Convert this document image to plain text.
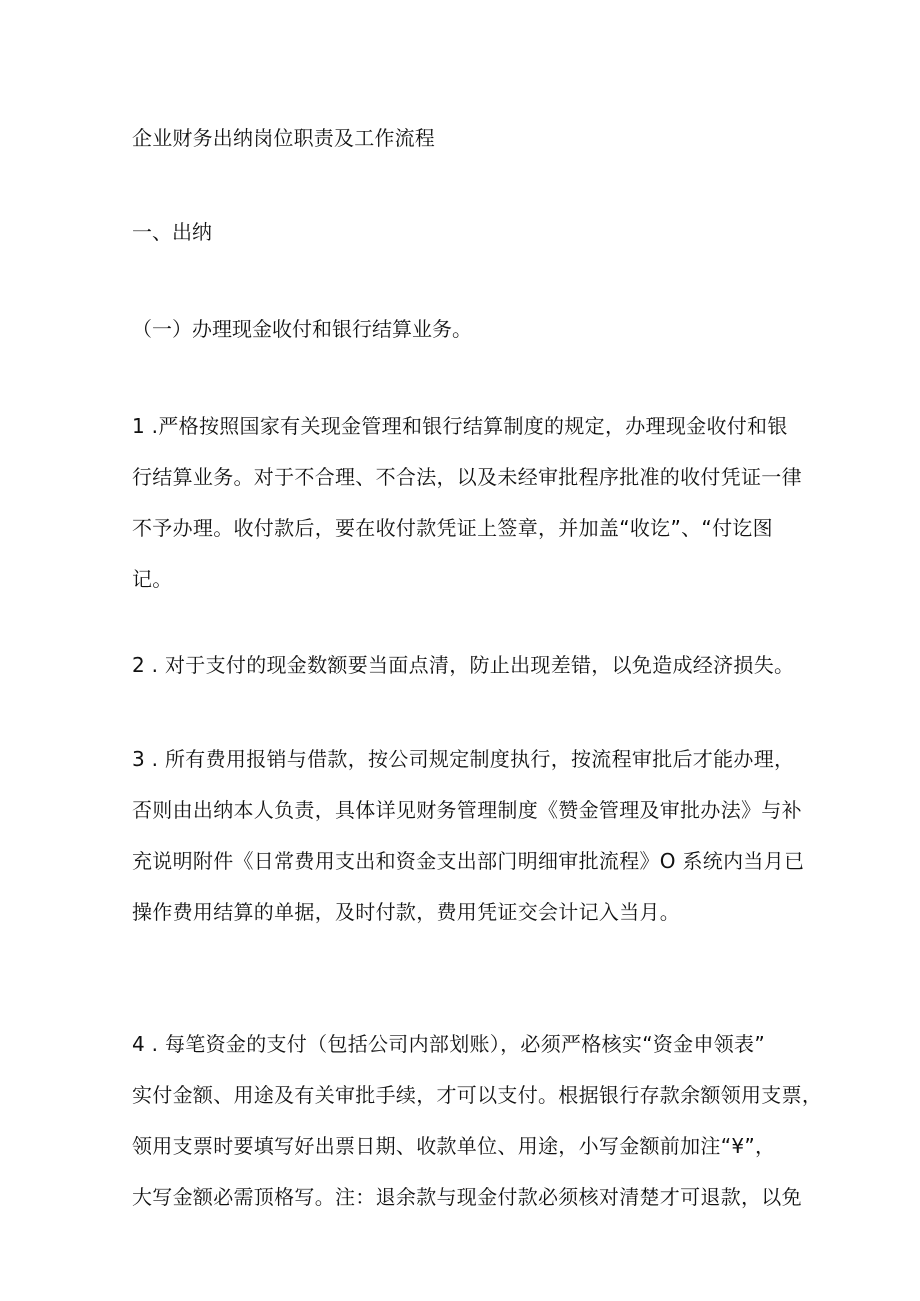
企业财务出纳岗位职责及工作流程
一、出纳
（一）办理现金收付和银行结算业务。

1 .严格按照国家有关现金管理和银行结算制度的规定，办理现金收付和银
行结算业务。对于不合理、不合法，以及未经审批程序批准的收付凭证一律
不予办理。收付款后，要在收付款凭证上签章，并加盖“收讫”、“付讫图
记。

2 . 对于支付的现金数额要当面点清，防止出现差错，以免造成经济损失。

3 . 所有费用报销与借款，按公司规定制度执行，按流程审批后才能办理，
否则由出纳本人负责，具体详见财务管理制度《赞金管理及审批办法》与补
充说明附件《日常费用支出和资金支出部门明细审批流程》O 系统内当月已
操作费用结算的单据，及时付款，费用凭证交会计记入当月。

4 . 每笔资金的支付（包括公司内部划账），必须严格核实“资金申领表”
实付金额、用途及有关审批手续，才可以支付。根据银行存款余额领用支票，
领用支票时要填写好出票日期、收款单位、用途，小写金额前加注“¥”，
大写金额必需顶格写。注：退余款与现金付款必须核对清楚才可退款，以免
